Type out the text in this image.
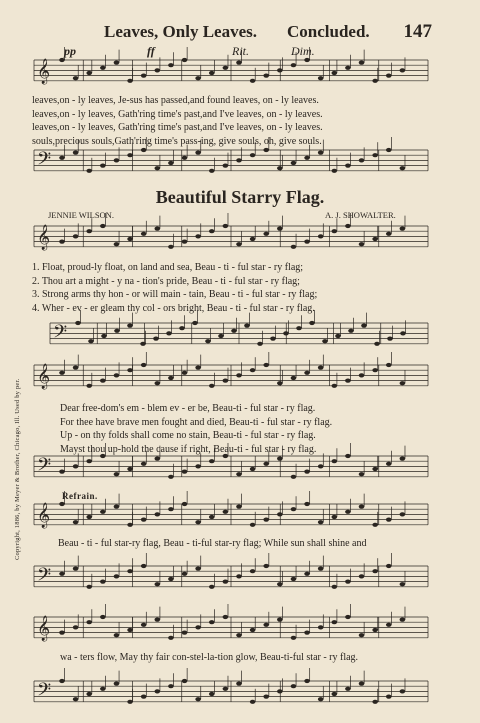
𝄞
𝄢
𝄞
𝄢
𝄞
𝄢
𝄞
𝄢
𝄞
𝄢
Leaves, Only Leaves. Concluded. 147
pp	ff	Rit.	Dim.
leaves,on - ly leaves, Je-sus has passed,and found leaves, on - ly leaves.
leaves,on - ly leaves, Gath'ring time's past,and I've leaves, on - ly leaves.
leaves,on - ly leaves, Gath'ring time's past,and I've leaves, on - ly leaves.
souls,precious souls,Gath'ring time's pass-ing, give souls, oh, give souls.
Beautiful Starry Flag.
JENNIE WILSON.	A. J. SHOWALTER.
1. Float, proud-ly float, on land and sea, Beau - ti - ful star - ry flag;
2. Thou art a might - y na - tion's pride, Beau - ti - ful star - ry flag;
3. Strong arms thy hon - or will main - tain, Beau - ti - ful star - ry flag;
4. Wher - ev - er gleam thy col - ors bright, Beau - ti - ful star - ry flag.
Dear free-dom's em - blem ev - er be, Beau-ti - ful star - ry flag.
For thee have brave men fought and died, Beau-ti - ful star - ry flag.
Up - on thy folds shall come no stain, Beau-ti - ful star - ry flag.
Mayst thou up-hold the cause if right, Beau-ti - ful star - ry flag.
Refrain.
Beau - ti - ful star-ry flag, Beau - ti-ful star-ry flag; While sun shall shine and
wa - ters flow, May thy fair con-stel-la-tion glow, Beau-ti-ful star - ry flag.
Copyright, 1886, by Meyer & Brother, Chicago, Ill. Used by per.
